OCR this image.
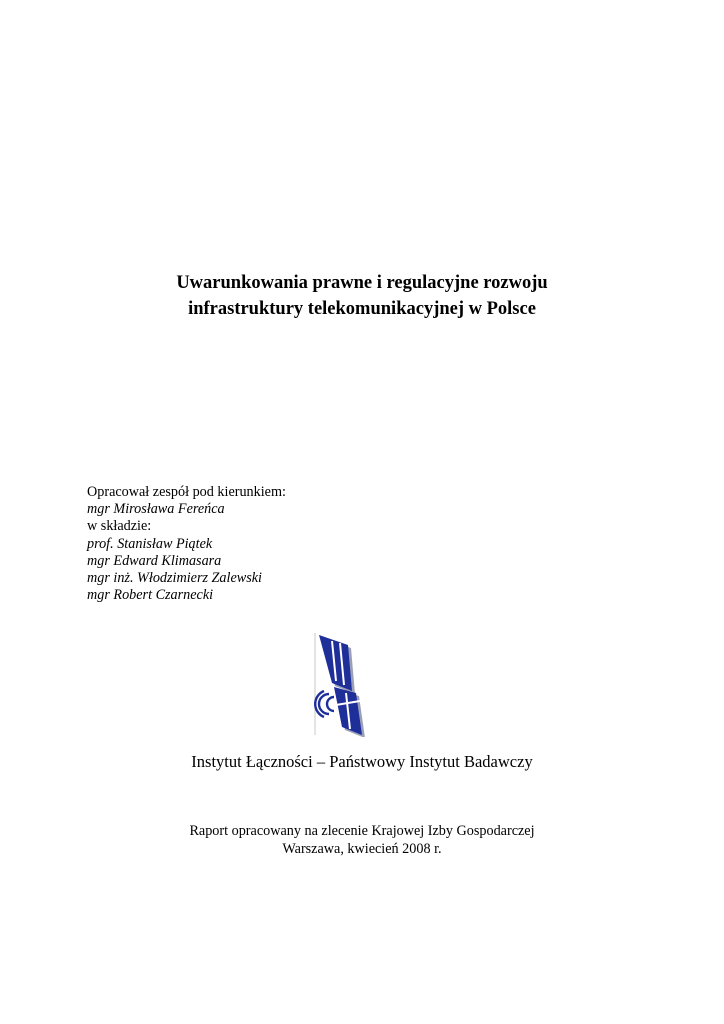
Uwarunkowania prawne i regulacyjne rozwoju
infrastruktury telekomunikacyjnej w Polsce
Opracował zespół pod kierunkiem:
mgr Mirosława Fereńca
w składzie:
prof. Stanisław Piątek
mgr Edward Klimasara
mgr inż. Włodzimierz Zalewski
mgr Robert Czarnecki
Instytut Łączności – Państwowy Instytut Badawczy
Raport opracowany na zlecenie Krajowej Izby Gospodarczej
Warszawa, kwiecień 2008 r.
